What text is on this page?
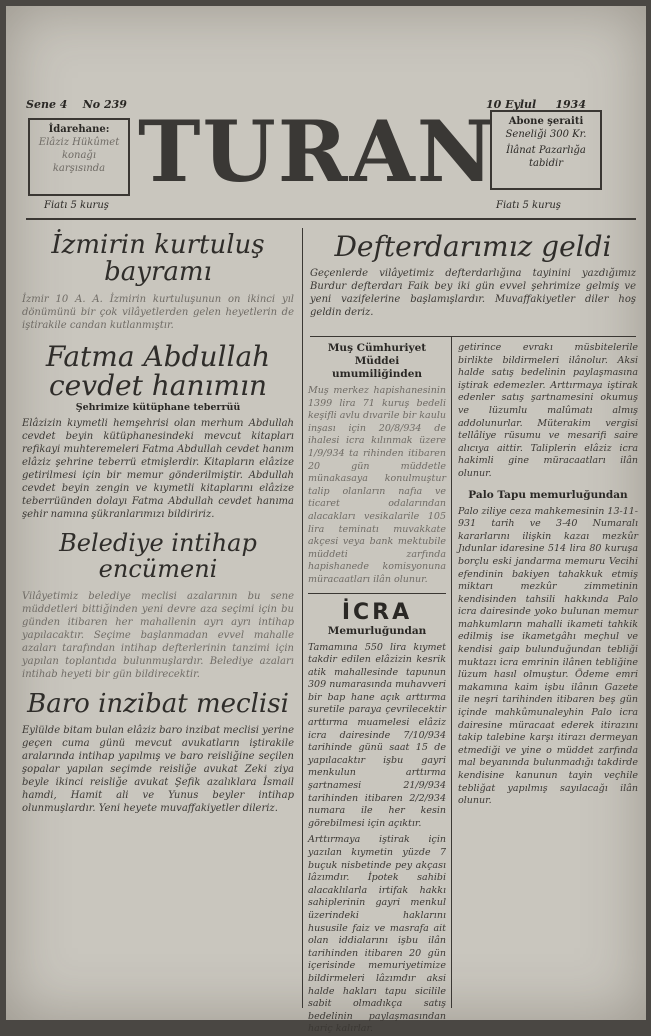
Sene 4 No 239	10 Eylul 1934
İdarehane:
Elâziz Hükûmet konağı karşısında TURAN	Abone şeraiti
Seneliği 300 Kr.
İlânat Pazarlığa tabidir
Fiatı 5 kuruş	Fiatı 5 kuruş
İzmirin kurtuluş bayramı
İzmir 10 A. A. İzmirin kurtuluşunun on ikinci yıl dönümünü bir çok vilâyetlerden gelen heyetlerin de iştirakile candan kutlanmıştır.
Fatma Abdullah
cevdet hanımın
Şehrimize kütüphane teberrüü
Elâzizin kıymetli hemşehrisi olan merhum Abdullah cevdet beyin kütüphanesindeki mevcut kitapları refikayi muhteremeleri Fatma Abdullah cevdet hanım elâziz şehrine teberrü etmişlerdir. Kitapların elâzize getirilmesi için bir memur gönderilmiştir. Abdullah cevdet beyin zengin ve kıymetli kitaplarını elâzize teberrüünden dolayı Fatma Abdullah cevdet hanıma şehir namına şükranlarımızı bildiririz.
Belediye intihap
encümeni
Vilâyetimiz belediye meclisi azalarının bu sene müddetleri bittiğinden yeni devre aza seçimi için bu günden itibaren her mahallenin ayrı ayrı intihap yapılacaktır. Seçime başlanmadan evvel mahalle azaları tarafından intihap defterlerinin tanzimi için yapılan toplantıda bulunmuşlardır. Belediye azaları intihab heyeti bir gün bildirecektir.
Baro inzibat meclisi
Eylülde bitam bulan elâziz baro inzibat meclisi yerine geçen cuma günü mevcut avukatların iştirakile aralarında intihap yapılmış ve baro reisliğine seçilen şopalar yapılan seçimde reisliğe avukat Zeki ziya beyle ikinci reisliğe avukat Şefik azalıklara İsmail hamdi, Hamit ali ve Yunus beyler intihap olunmuşlardır. Yeni heyete muvaffakiyetler dileriz.
Defterdarımız geldi
Geçenlerde vilâyetimiz defterdarlığına tayinini yazdığımız Burdur defterdarı Faik bey iki gün evvel şehrimize gelmiş ve yeni vazifelerine başlamışlardır. Muvaffakiyetler diler hoş geldin deriz.
Muş Cümhuriyet Müddei umumiliğinden
Muş merkez hapishanesinin 1399 lira 71 kuruş bedeli keşifli avlu dıvarile bir kaulu inşası için 20/8/934 de ihalesi icra kılınmak üzere 1/9/934 ta rihinden itibaren 20 gün müddetle münakasaya konulmuştur talip olanların nafıa ve ticaret odalarından alacakları vesikalarile 105 lira teminatı muvakkate akçesi veya bank mektubile müddeti zarfında hapishanede komisyonuna müracaatları ilân olunur.
İCRA
Memurluğundan
Tamamına 550 lira kıymet takdir edilen elâzizin kesrik atik mahallesinde tapunun 309 numarasında muhavveri bir bap hane açık arttırma suretile paraya çevrilecektir arttırma muamelesi elâziz icra dairesinde 7/10/934 tarihinde günü saat 15 de yapılacaktır işbu gayri menkulun arttırma şartnamesi 21/9/934 tarihinden itibaren 2/2/934 numara ile her kesin görebilmesi için açıktır.
Arttırmaya iştirak için yazılan kıymetin yüzde 7 buçuk nisbetinde pey akçası lâzımdır. İpotek sahibi alacaklılarla irtifak hakkı sahiplerinin gayri menkul üzerindeki haklarını hususile faiz ve masrafa ait olan iddialarını işbu ilân tarihinden itibaren 20 gün içerisinde memuriyetimize bildirmeleri lâzımdır aksi halde hakları tapu sicilile sabit olmadıkça satış bedelinin paylaşmasından hariç kalırlar.
getirince evrakı müsbitelerile birlikte bildirmeleri ilânolur. Aksi halde satış bedelinin paylaşmasına iştirak edemezler. Arttırmaya iştirak edenler satış şartnamesini okumuş ve lüzumlu malûmatı almış addolunurlar. Müterakim vergisi tellâliye rüsumu ve mesarifi saire alıcıya aittir. Taliplerin elâziz icra hakimli gine müracaatları ilân olunur.
Palo Tapu memurluğundan
Palo ziliye ceza mahkemesinin 13-11-931 tarih ve 3-40 Numaralı kararlarını ilişkin kazaı mezkûr Jıdunlar idaresine 514 lira 80 kuruşa borçlu eski jandarma memuru Vecihi efendinin bakiyen tahakkuk etmiş miktarı mezkûr zimmetinin kendisinden tahsili hakkında Palo icra dairesinde yoko bulunan memur mahkumların mahalli ikameti tahkik edilmiş ise ikametgâhı meçhul ve kendisi gaip bulunduğundan tebliği muktazı icra emrinin ilânen tebliğine lüzum hasıl olmuştur. Ödeme emri makamına kaim işbu ilânın Gazete ile neşri tarihinden itibaren beş gün içinde mahkûmunaleyhin Palo icra dairesine müracaat ederek itirazını takip talebine karşı itirazı dermeyan etmediği ve yine o müddet zarfında mal beyanında bulunmadığı takdirde kendisine kanunun tayin veçhile tebliğat yapılmış sayılacağı ilân olunur.
